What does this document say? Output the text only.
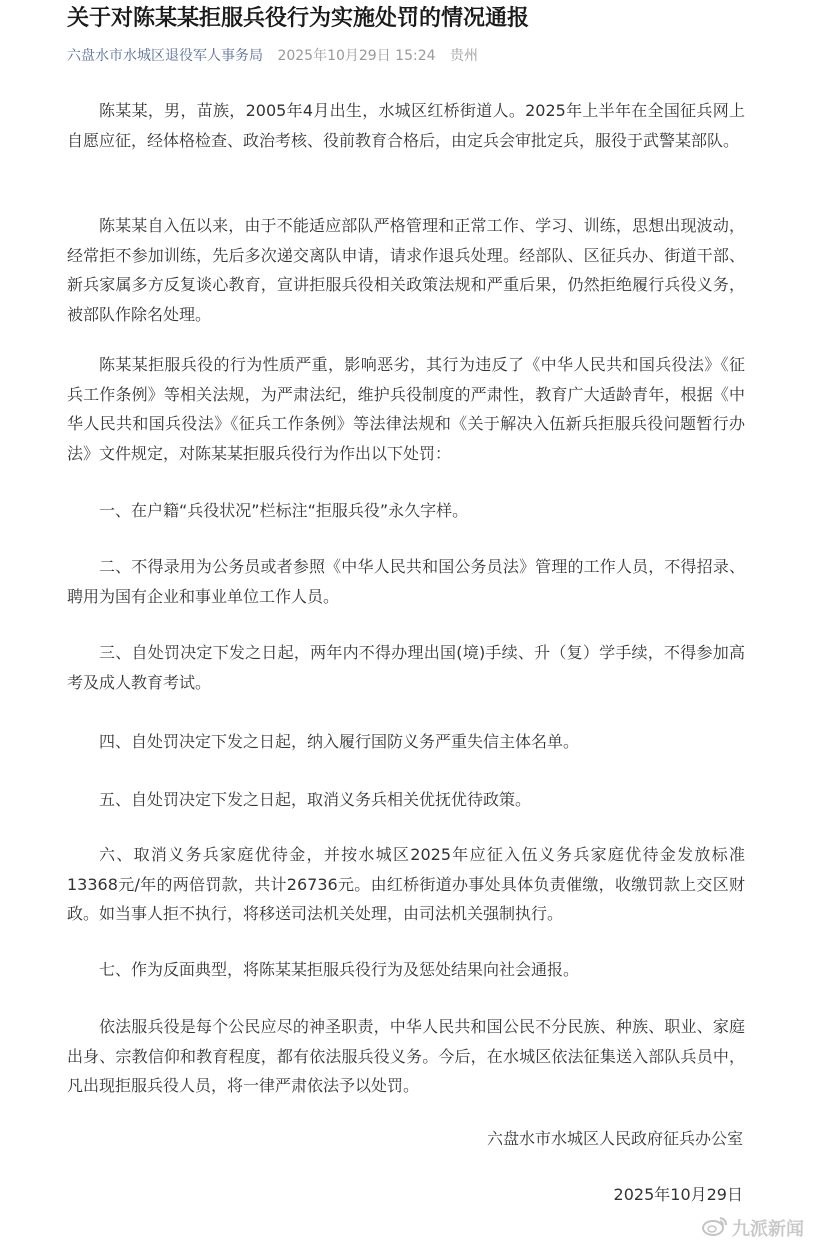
关于对陈某某拒服兵役行为实施处罚的情况通报
六盘水市水城区退役军人事务局 2025年10月29日 15:24 贵州

陈某某，男，苗族，2005年4月出生，水城区红桥街道人。2025年上半年在全国征兵网上自愿应征，经体格检查、政治考核、役前教育合格后，由定兵会审批定兵，服役于武警某部队。

陈某某自入伍以来，由于不能适应部队严格管理和正常工作、学习、训练，思想出现波动，经常拒不参加训练，先后多次递交离队申请，请求作退兵处理。经部队、区征兵办、街道干部、新兵家属多方反复谈心教育，宣讲拒服兵役相关政策法规和严重后果，仍然拒绝履行兵役义务，被部队作除名处理。

陈某某拒服兵役的行为性质严重，影响恶劣，其行为违反了《中华人民共和国兵役法》《征兵工作条例》等相关法规，为严肃法纪，维护兵役制度的严肃性，教育广大适龄青年，根据《中华人民共和国兵役法》《征兵工作条例》等法律法规和《关于解决入伍新兵拒服兵役问题暂行办法》文件规定，对陈某某拒服兵役行为作出以下处罚：

一、在户籍“兵役状况”栏标注“拒服兵役”永久字样。

二、不得录用为公务员或者参照《中华人民共和国公务员法》管理的工作人员，不得招录、聘用为国有企业和事业单位工作人员。

三、自处罚决定下发之日起，两年内不得办理出国(境)手续、升（复）学手续，不得参加高考及成人教育考试。

四、自处罚决定下发之日起，纳入履行国防义务严重失信主体名单。

五、自处罚决定下发之日起，取消义务兵相关优抚优待政策。

六、取消义务兵家庭优待金，并按水城区2025年应征入伍义务兵家庭优待金发放标准13368元/年的两倍罚款，共计26736元。由红桥街道办事处具体负责催缴，收缴罚款上交区财政。如当事人拒不执行，将移送司法机关处理，由司法机关强制执行。

七、作为反面典型，将陈某某拒服兵役行为及惩处结果向社会通报。

依法服兵役是每个公民应尽的神圣职责，中华人民共和国公民不分民族、种族、职业、家庭出身、宗教信仰和教育程度，都有依法服兵役义务。今后，在水城区依法征集送入部队兵员中，凡出现拒服兵役人员，将一律严肃依法予以处罚。

六盘水市水城区人民政府征兵办公室
2025年10月29日
九派新闻
